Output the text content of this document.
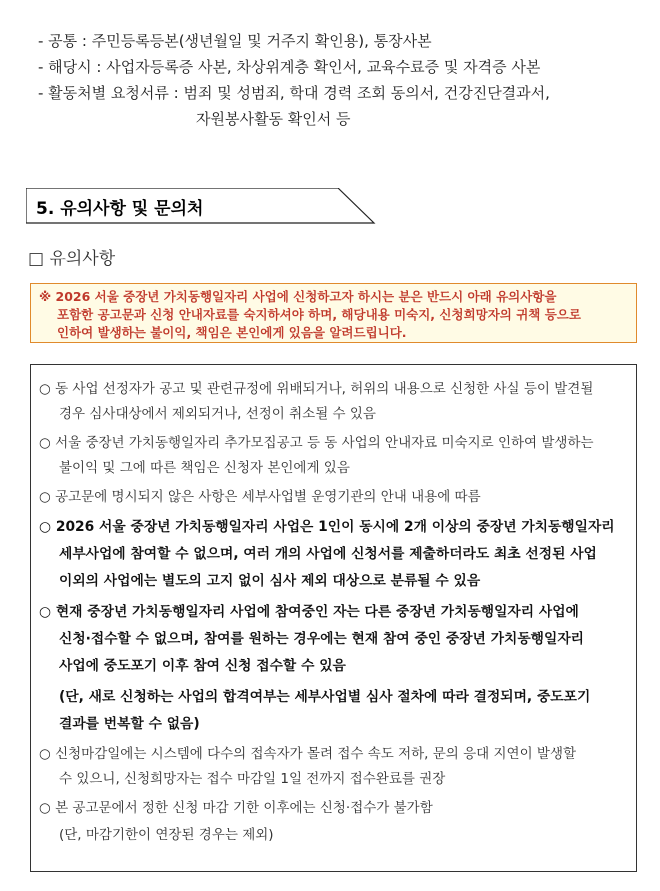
- 공통 : 주민등록등본(생년월일 및 거주지 확인용), 통장사본
- 해당시 : 사업자등록증 사본, 차상위계층 확인서, 교육수료증 및 자격증 사본
- 활동처별 요청서류 : 범죄 및 성범죄, 학대 경력 조회 동의서, 건강진단결과서,
자원봉사활동 확인서 등
5. 유의사항 및 문의처
□ 유의사항
※ 2026 서울 중장년 가치동행일자리 사업에 신청하고자 하시는 분은 반드시 아래 유의사항을
포함한 공고문과 신청 안내자료를 숙지하셔야 하며, 해당내용 미숙지, 신청희망자의 귀책 등으로
인하여 발생하는 불이익, 책임은 본인에게 있음을 알려드립니다.
○ 동 사업 선정자가 공고 및 관련규정에 위배되거나, 허위의 내용으로 신청한 사실 등이 발견될
경우 심사대상에서 제외되거나, 선정이 취소될 수 있음
○ 서울 중장년 가치동행일자리 추가모집공고 등 동 사업의 안내자료 미숙지로 인하여 발생하는
불이익 및 그에 따른 책임은 신청자 본인에게 있음
○ 공고문에 명시되지 않은 사항은 세부사업별 운영기관의 안내 내용에 따름
○ 2026 서울 중장년 가치동행일자리 사업은 1인이 동시에 2개 이상의 중장년 가치동행일자리
세부사업에 참여할 수 없으며, 여러 개의 사업에 신청서를 제출하더라도 최초 선정된 사업
이외의 사업에는 별도의 고지 없이 심사 제외 대상으로 분류될 수 있음
○ 현재 중장년 가치동행일자리 사업에 참여중인 자는 다른 중장년 가치동행일자리 사업에
신청·접수할 수 없으며, 참여를 원하는 경우에는 현재 참여 중인 중장년 가치동행일자리
사업에 중도포기 이후 참여 신청 접수할 수 있음
(단, 새로 신청하는 사업의 합격여부는 세부사업별 심사 절차에 따라 결정되며, 중도포기
결과를 번복할 수 없음)
○ 신청마감일에는 시스템에 다수의 접속자가 몰려 접수 속도 저하, 문의 응대 지연이 발생할
수 있으니, 신청희망자는 접수 마감일 1일 전까지 접수완료를 권장
○ 본 공고문에서 정한 신청 마감 기한 이후에는 신청·접수가 불가함
(단, 마감기한이 연장된 경우는 제외)
